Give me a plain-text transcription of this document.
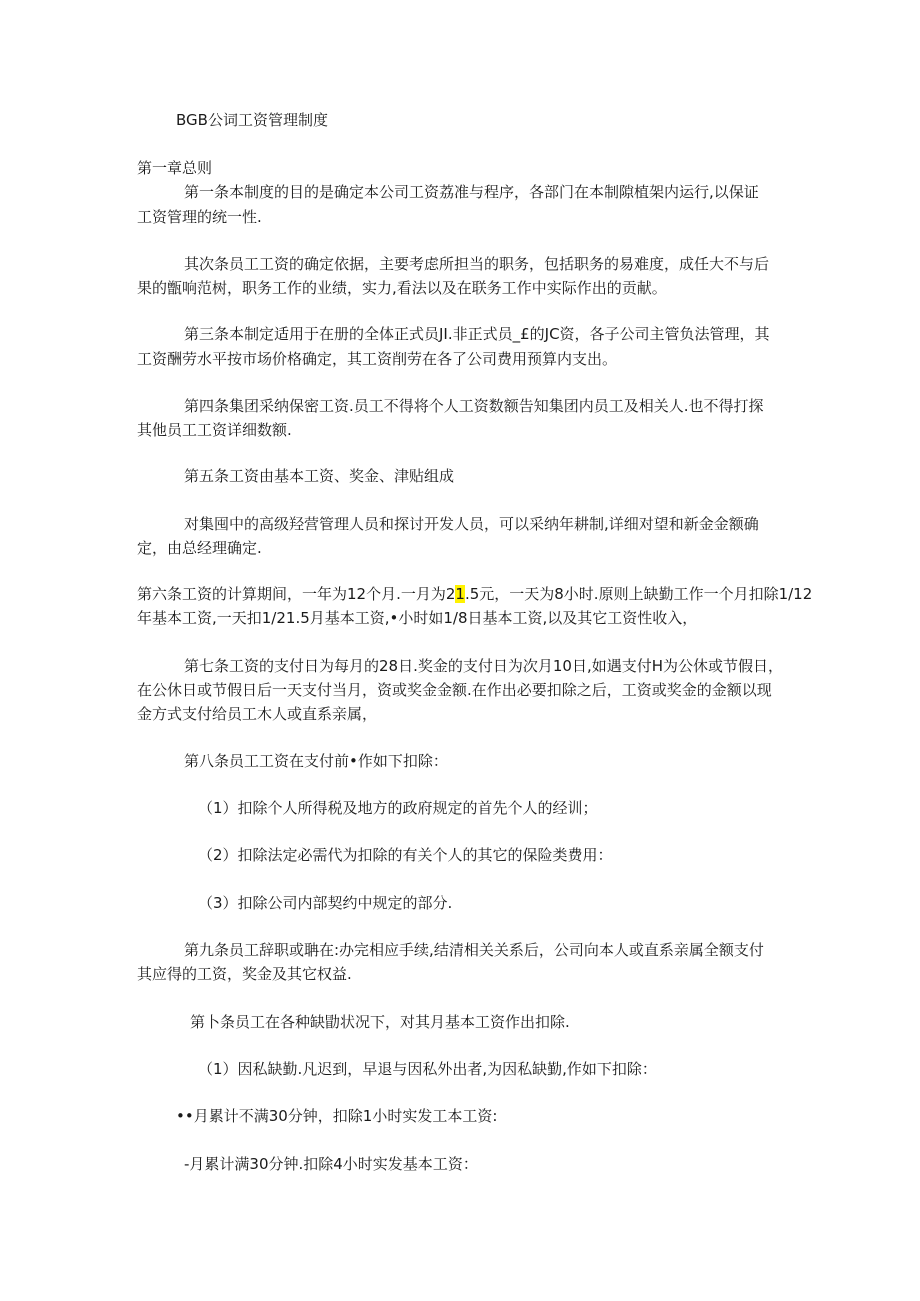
BGB公词工资管理制度
第一章总则
第一条本制度的目的是确定本公司工资荔准与程序，各部门在本制隙植架内运行,以保证
工资管理的统一性.
其次条员工工资的确定依据，主要考虑所担当的职务，包括职务的易难度，成任大不与后
果的甑响范树，职务工作的业绩，实力,看法以及在联务工作中实际作出的贡献。
第三条本制定适用于在册的全体正式员JI.非正式员_£的JC资，各子公司主管负法管理，其
工资酬劳水平按市场价格确定，其工资削劳在各了公司费用预算内支出。
第四条集团采纳保密工资.员工不得将个人工资数额告知集团内员工及相关人.也不得打探
其他员工工资详细数额.
第五条工资由基本工资、奖金、津贴组成
对集囤中的高级羟营管理人员和探讨开发人员，可以采纳年耕制,详细对望和新金金额确
定，由总经理确定.
第六条工资的计算期间，一年为12个月.一月为21.5元，一天为8小时.原则上缺勤工作一个月扣除1/12
年基本工资,一天扣1/21.5月基本工资,•小时如1/8日基本工资,以及其它工资性收入，
第七条工资的支付日为每月的28日.奖金的支付日为次月10日,如遇支付H为公休或节假日，
在公休日或节假日后一天支付当月，资或奖金金额.在作出必要扣除之后，工资或奖金的金额以现
金方式支付给员工木人或直系亲属，
第八条员工工资在支付前•作如下扣除：
（1）扣除个人所得税及地方的政府规定的首先个人的经训；
（2）扣除法定必需代为扣除的有关个人的其它的保险类费用：
（3）扣除公司内部契约中规定的部分.
第九条员工辞职或聃在:办完相应手续,结清相关关系后，公司向本人或直系亲属全额支付
其应得的工资，奖金及其它权益.
第卜条员工在各种缺勖状况下，对其月基本工资作出扣除.
（1）因私缺勤.凡迟到，早退与因私外出者,为因私缺勤,作如下扣除：
••月累计不满30分钟，扣除1小时实发工本工资:
-月累计满30分钟.扣除4小时实发基本工资：
